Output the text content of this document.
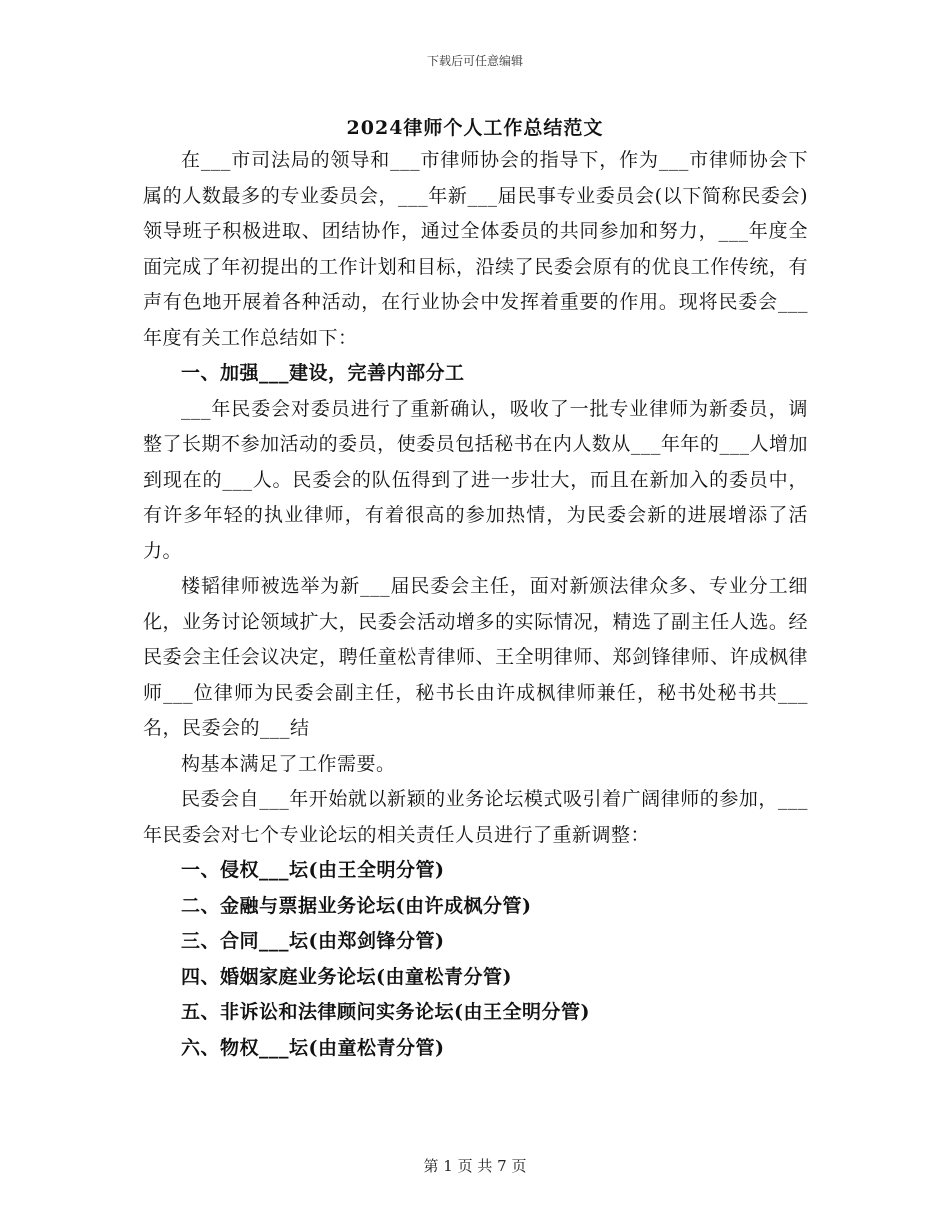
下载后可任意编辑
2024律师个人工作总结范文

在___市司法局的领导和___市律师协会的指导下，作为___市律师协会下属的人数最多的专业委员会，___年新___届民事专业委员会(以下简称民委会)领导班子积极进取、团结协作，通过全体委员的共同参加和努力，___年度全面完成了年初提出的工作计划和目标，沿续了民委会原有的优良工作传统，有声有色地开展着各种活动，在行业协会中发挥着重要的作用。现将民委会___年度有关工作总结如下：

一、加强___建设，完善内部分工

___年民委会对委员进行了重新确认，吸收了一批专业律师为新委员，调整了长期不参加活动的委员，使委员包括秘书在内人数从___年年的___人增加到现在的___人。民委会的队伍得到了进一步壮大，而且在新加入的委员中，有许多年轻的执业律师，有着很高的参加热情，为民委会新的进展增添了活力。

楼韬律师被选举为新___届民委会主任，面对新颁法律众多、专业分工细化，业务讨论领域扩大，民委会活动增多的实际情况，精选了副主任人选。经民委会主任会议决定，聘任童松青律师、王全明律师、郑剑锋律师、许成枫律师___位律师为民委会副主任，秘书长由许成枫律师兼任，秘书处秘书共___名，民委会的___结

构基本满足了工作需要。

民委会自___年开始就以新颖的业务论坛模式吸引着广阔律师的参加，___年民委会对七个专业论坛的相关责任人员进行了重新调整：

一、侵权___坛(由王全明分管)

二、金融与票据业务论坛(由许成枫分管)

三、合同___坛(由郑剑锋分管)

四、婚姻家庭业务论坛(由童松青分管)

五、非诉讼和法律顾问实务论坛(由王全明分管)

六、物权___坛(由童松青分管)

第 1 页 共 7 页
